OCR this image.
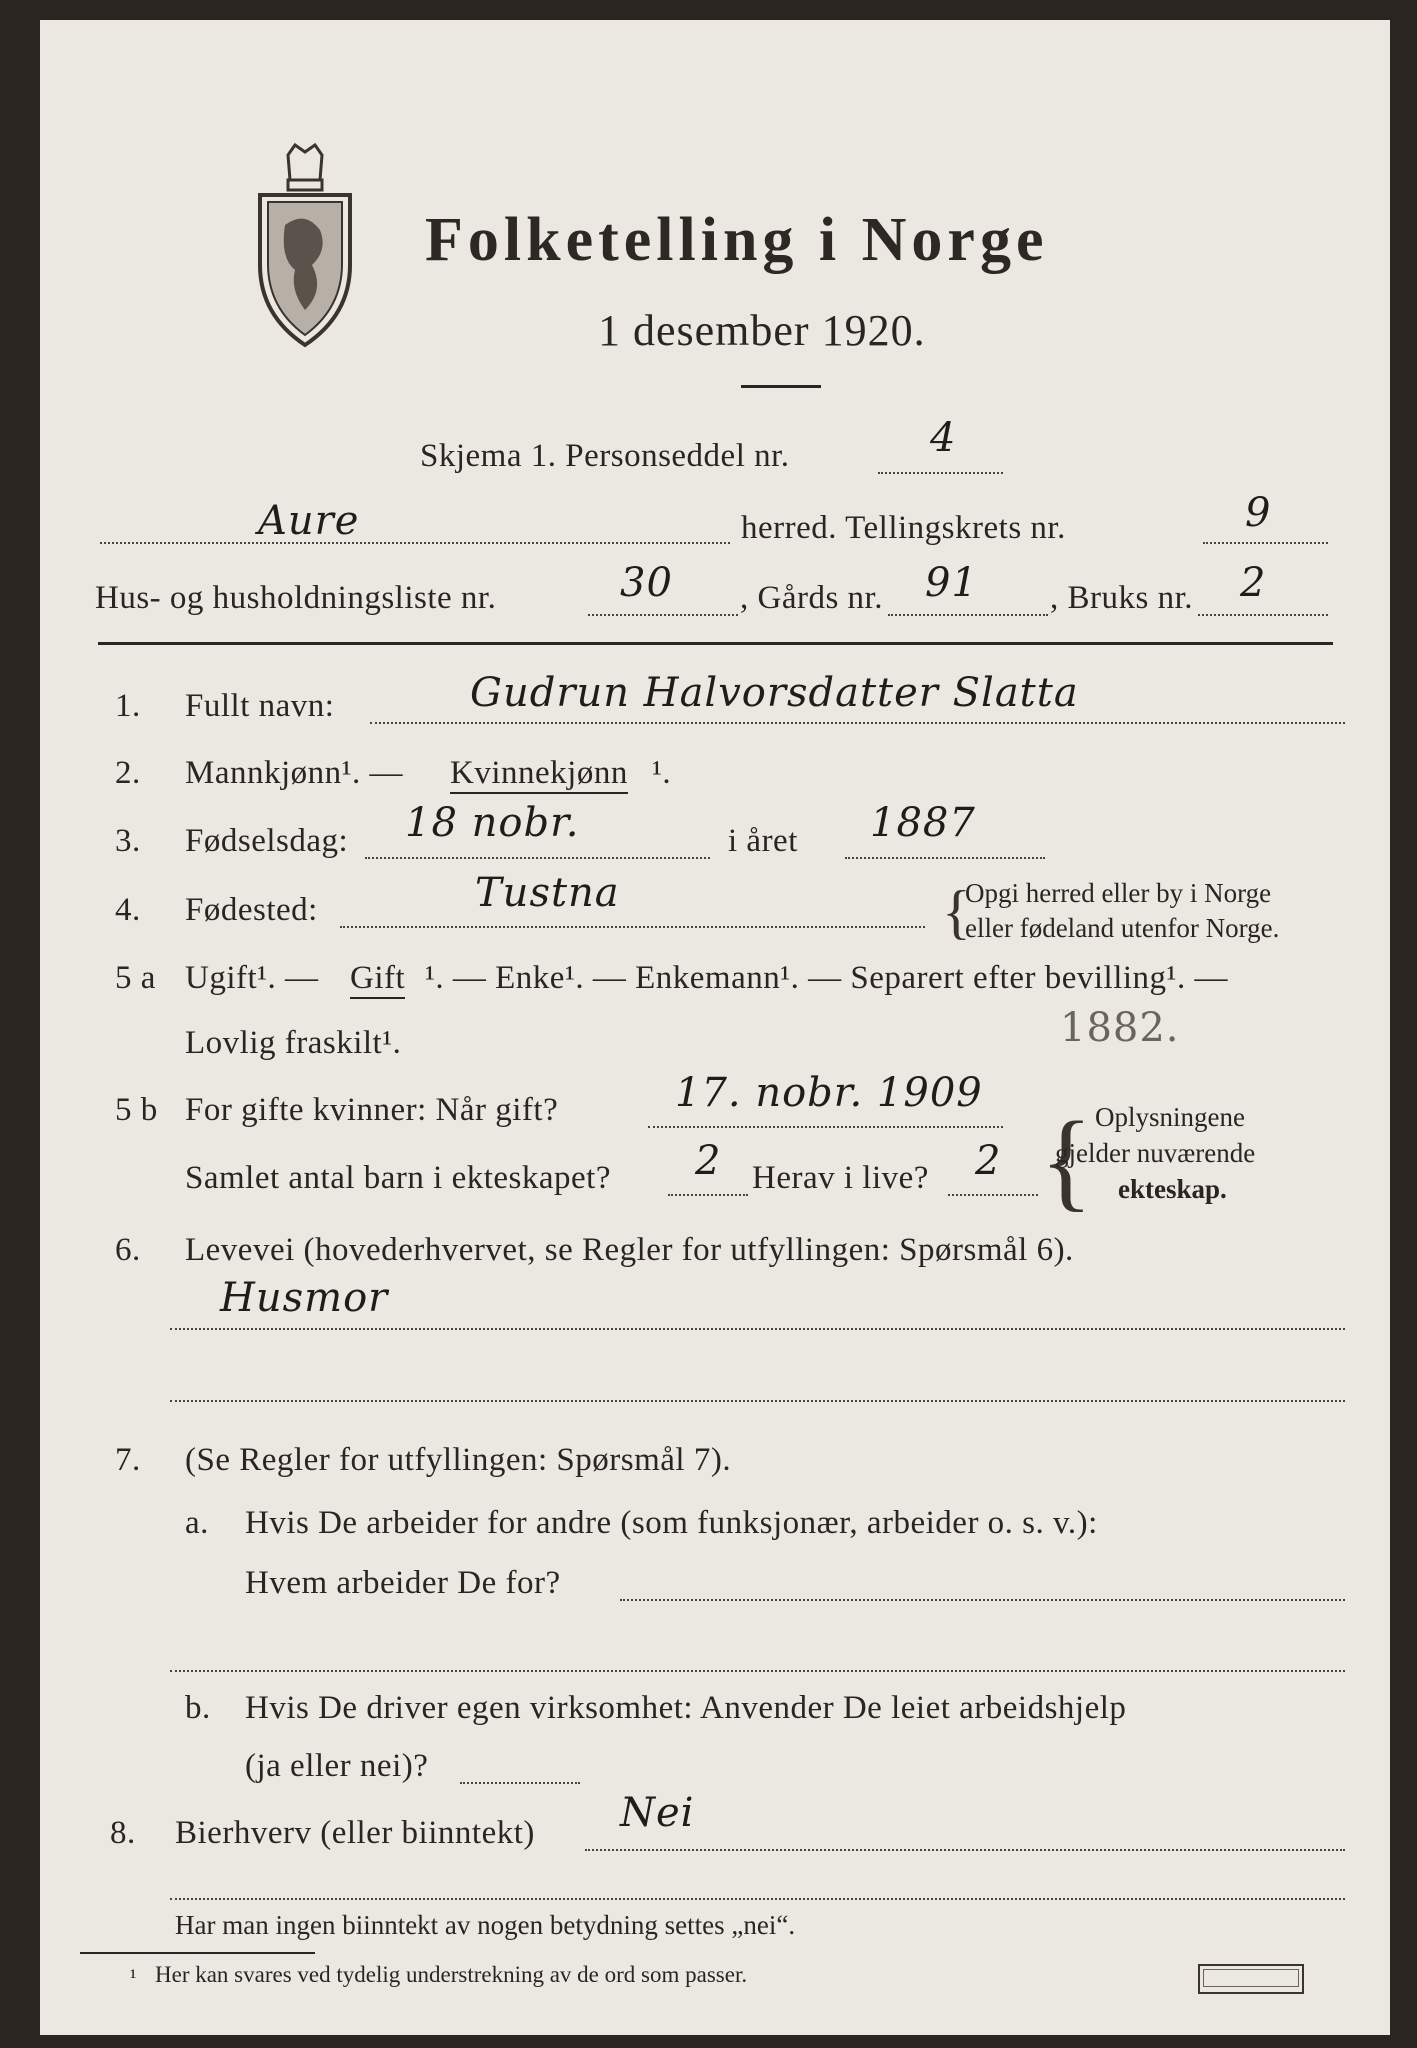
Folketelling i Norge
1 desember 1920.
Skjema 1. Personseddel nr.	4
Aure	herred. Tellingskrets nr.	9
Hus- og husholdningsliste nr.	30 , Gårds nr. 91 , Bruks nr. 2
1. Fullt navn:	Gudrun Halvorsdatter Slatta
2. Mannkjønn¹. — Kvinnekjønn ¹.
3. Fødselsdag: 18 nobr.	i året 1887
4. Fødested:	Tustna	{
Opgi herred eller by i Norge
eller fødeland utenfor Norge.
5 a Ugift¹. — Gift ¹. — Enke¹. — Enkemann¹. — Separert efter bevilling¹. —
Lovlig fraskilt¹.	1882.
5 b For gifte kvinner: Når gift?	17. nobr. 1909
Samlet antal barn i ekteskapet? 2 Herav i live? 2 { Oplysningene
gjelder nuværende
ekteskap.
6. Levevei (hovederhvervet, se Regler for utfyllingen: Spørsmål 6).
Husmor
7. (Se Regler for utfyllingen: Spørsmål 7).
a. Hvis De arbeider for andre (som funksjonær, arbeider o. s. v.):
Hvem arbeider De for?
b. Hvis De driver egen virksomhet: Anvender De leiet arbeidshjelp
(ja eller nei)?
8. Bierhverv (eller biinntekt) Nei
Har man ingen biinntekt av nogen betydning settes „nei“.
¹ Her kan svares ved tydelig understrekning av de ord som passer.
